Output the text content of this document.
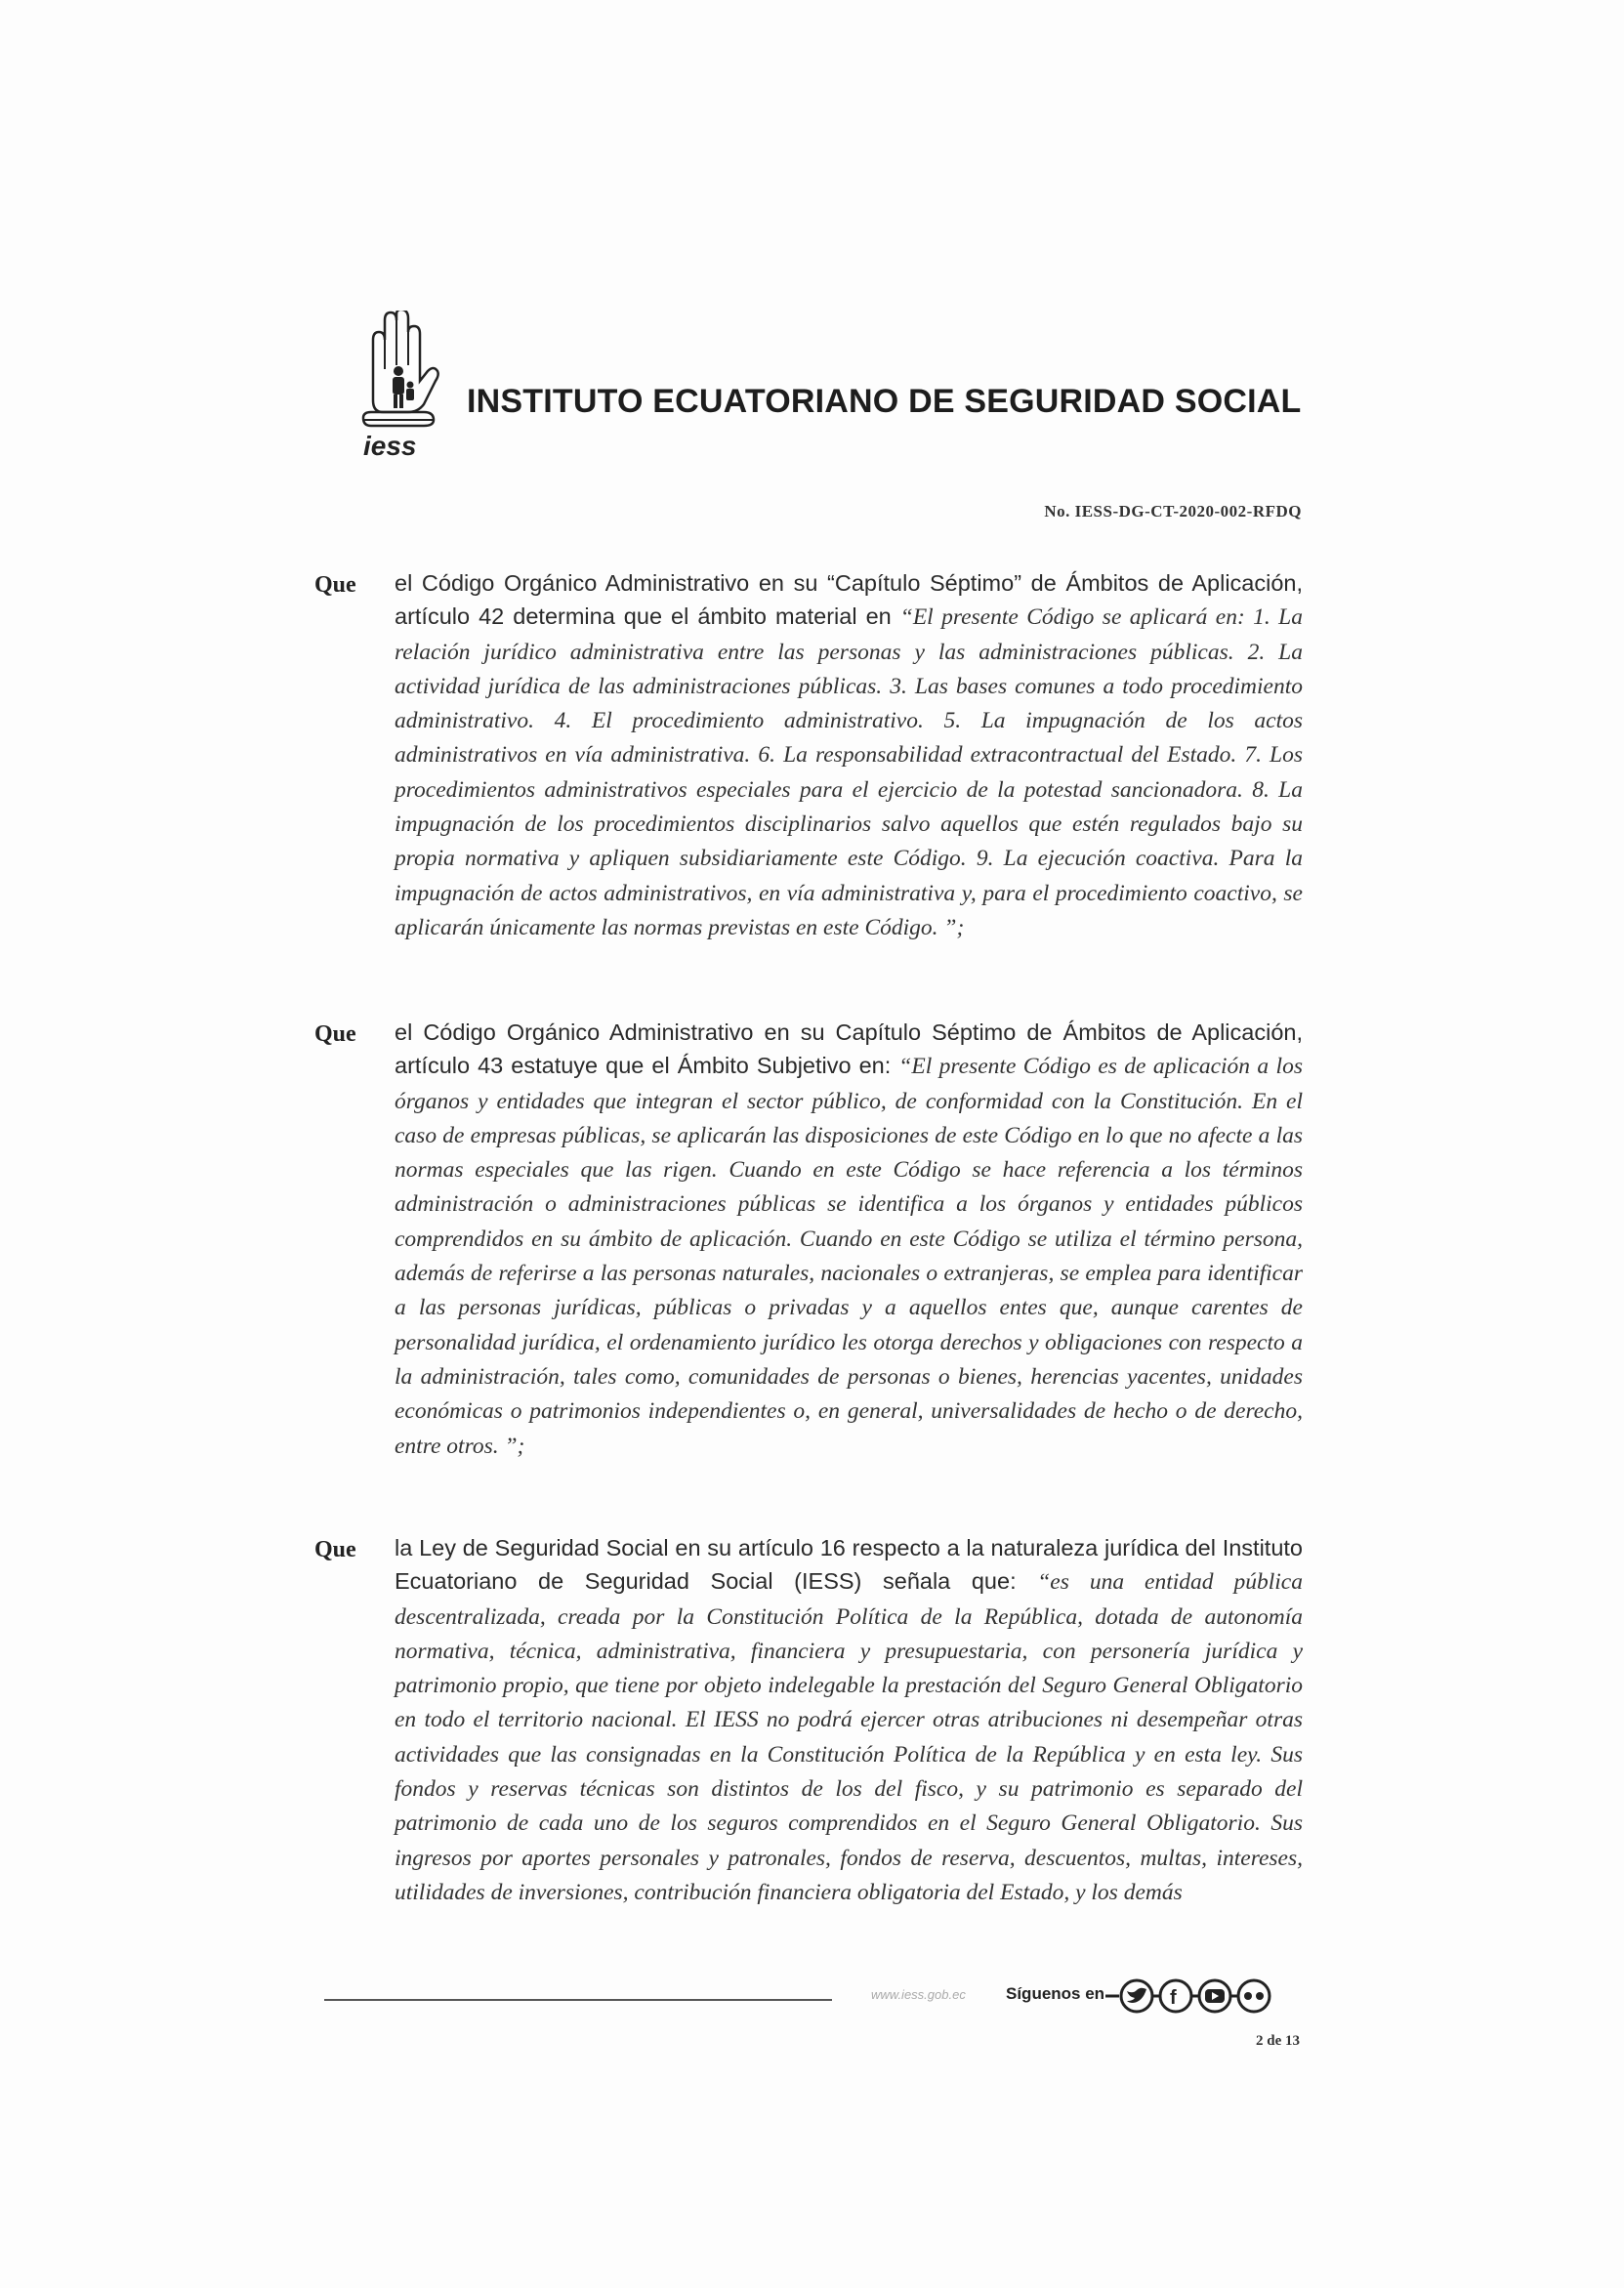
iess
INSTITUTO ECUATORIANO DE SEGURIDAD SOCIAL
No. IESS-DG-CT-2020-002-RFDQ
Que el Código Orgánico Administrativo en su “Capítulo Séptimo” de Ámbitos de Aplicación, artículo 42 determina que el ámbito material en “El presente Código se aplicará en: 1. La relación jurídico administrativa entre las personas y las administraciones públicas. 2. La actividad jurídica de las administraciones públicas. 3. Las bases comunes a todo procedimiento administrativo. 4. El procedimiento administrativo. 5. La impugnación de los actos administrativos en vía administrativa. 6. La responsabilidad extracontractual del Estado. 7. Los procedimientos administrativos especiales para el ejercicio de la potestad sancionadora. 8. La impugnación de los procedimientos disciplinarios salvo aquellos que estén regulados bajo su propia normativa y apliquen subsidiariamente este Código. 9. La ejecución coactiva. Para la impugnación de actos administrativos, en vía administrativa y, para el procedimiento coactivo, se aplicarán únicamente las normas previstas en este Código. ”;
Que el Código Orgánico Administrativo en su Capítulo Séptimo de Ámbitos de Aplicación, artículo 43 estatuye que el Ámbito Subjetivo en: “El presente Código es de aplicación a los órganos y entidades que integran el sector público, de conformidad con la Constitución. En el caso de empresas públicas, se aplicarán las disposiciones de este Código en lo que no afecte a las normas especiales que las rigen. Cuando en este Código se hace referencia a los términos administración o administraciones públicas se identifica a los órganos y entidades públicos comprendidos en su ámbito de aplicación. Cuando en este Código se utiliza el término persona, además de referirse a las personas naturales, nacionales o extranjeras, se emplea para identificar a las personas jurídicas, públicas o privadas y a aquellos entes que, aunque carentes de personalidad jurídica, el ordenamiento jurídico les otorga derechos y obligaciones con respecto a la administración, tales como, comunidades de personas o bienes, herencias yacentes, unidades económicas o patrimonios independientes o, en general, universalidades de hecho o de derecho, entre otros. ”;
Que la Ley de Seguridad Social en su artículo 16 respecto a la naturaleza jurídica del Instituto Ecuatoriano de Seguridad Social (IESS) señala que: “es una entidad pública descentralizada, creada por la Constitución Política de la República, dotada de autonomía normativa, técnica, administrativa, financiera y presupuestaria, con personería jurídica y patrimonio propio, que tiene por objeto indelegable la prestación del Seguro General Obligatorio en todo el territorio nacional. El IESS no podrá ejercer otras atribuciones ni desempeñar otras actividades que las consignadas en la Constitución Política de la República y en esta ley. Sus fondos y reservas técnicas son distintos de los del fisco, y su patrimonio es separado del patrimonio de cada uno de los seguros comprendidos en el Seguro General Obligatorio. Sus ingresos por aportes personales y patronales, fondos de reserva, descuentos, multas, intereses, utilidades de inversiones, contribución financiera obligatoria del Estado, y los demás
www.iess.gob.ec Síguenos en	f
2 de 13
